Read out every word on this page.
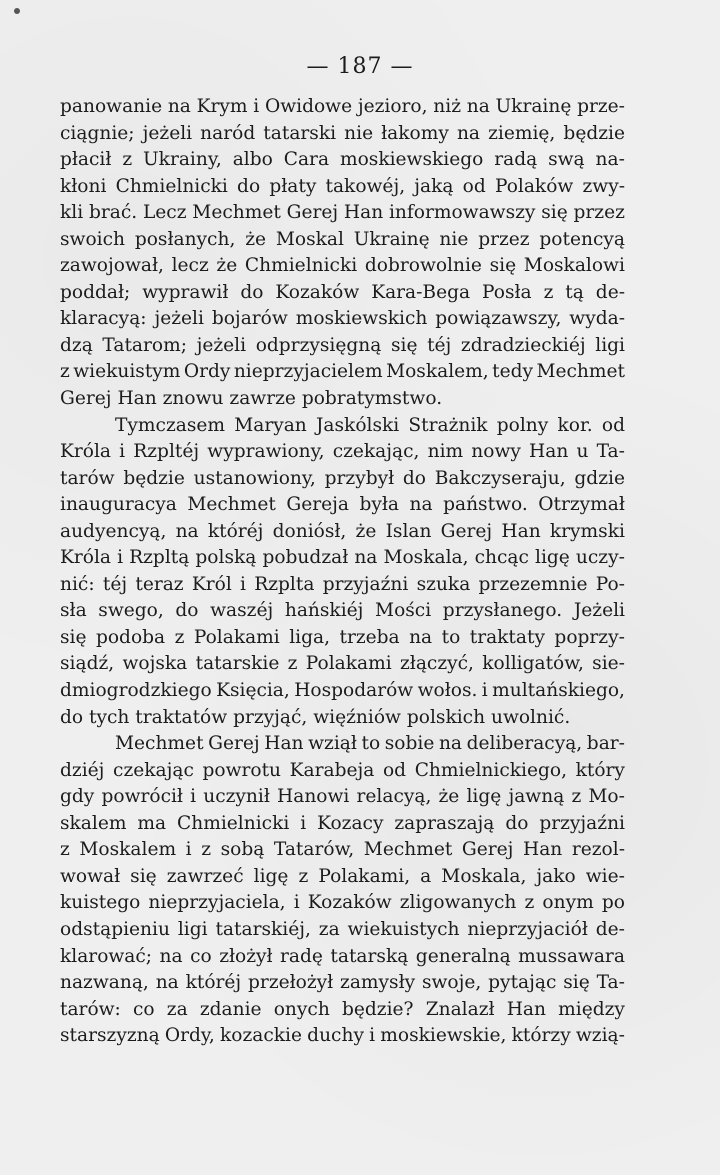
— 187 —
panowanie na Krym i Owidowe jezioro, niż na Ukrainę prze-
ciągnie; jeżeli naród tatarski nie łakomy na ziemię, będzie
płacił z Ukrainy, albo Cara moskiewskiego radą swą na-
kłoni Chmielnicki do płaty takowéj, jaką od Polaków zwy-
kli brać. Lecz Mechmet Gerej Han informowawszy się przez
swoich posłanych, że Moskal Ukrainę nie przez potencyą
zawojował, lecz że Chmielnicki dobrowolnie się Moskalowi
poddał; wyprawił do Kozaków Kara-Bega Posła z tą de-
klaracyą: jeżeli bojarów moskiewskich powiązawszy, wyda-
dzą Tatarom; jeżeli odprzysięgną się téj zdradzieckiéj ligi
z wiekuistym Ordy nieprzyjacielem Moskalem, tedy Mechmet
Gerej Han znowu zawrze pobratymstwo.
Tymczasem Maryan Jaskólski Strażnik polny kor. od
Króla i Rzpltéj wyprawiony, czekając, nim nowy Han u Ta-
tarów będzie ustanowiony, przybył do Bakczyseraju, gdzie
inauguracya Mechmet Gereja była na państwo. Otrzymał
audyencyą, na któréj doniósł, że Islan Gerej Han krymski
Króla i Rzpltą polską pobudzał na Moskala, chcąc ligę uczy-
nić: téj teraz Król i Rzplta przyjaźni szuka przezemnie Po-
sła swego, do waszéj hańskiéj Mości przysłanego. Jeżeli
się podoba z Polakami liga, trzeba na to traktaty poprzy-
siądź, wojska tatarskie z Polakami złączyć, kolligatów, sie-
dmiogrodzkiego Księcia, Hospodarów wołos. i multańskiego,
do tych traktatów przyjąć, więźniów polskich uwolnić.
Mechmet Gerej Han wziął to sobie na deliberacyą, bar-
dziéj czekając powrotu Karabeja od Chmielnickiego, który
gdy powrócił i uczynił Hanowi relacyą, że ligę jawną z Mo-
skalem ma Chmielnicki i Kozacy zapraszają do przyjaźni
z Moskalem i z sobą Tatarów, Mechmet Gerej Han rezol-
wował się zawrzeć ligę z Polakami, a Moskala, jako wie-
kuistego nieprzyjaciela, i Kozaków zligowanych z onym po
odstąpieniu ligi tatarskiéj, za wiekuistych nieprzyjaciół de-
klarować; na co złożył radę tatarską generalną mussawara
nazwaną, na któréj przełożył zamysły swoje, pytając się Ta-
tarów: co za zdanie onych będzie? Znalazł Han między
starszyzną Ordy, kozackie duchy i moskiewskie, którzy wzią-
